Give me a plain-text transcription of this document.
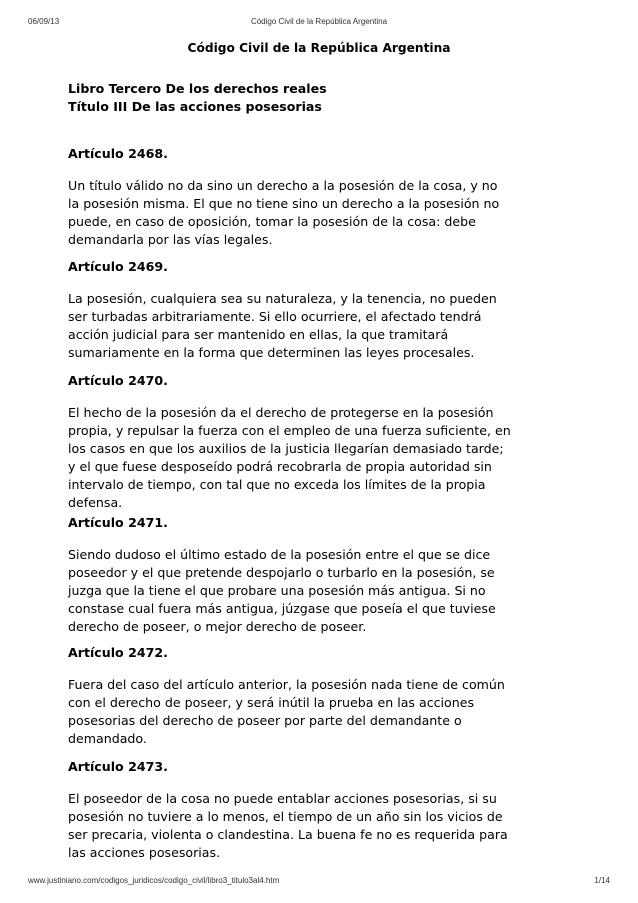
06/09/13	Código Civil de la República Argentina
Código Civil de la República Argentina
Libro Tercero De los derechos reales
Título III De las acciones posesorias
Artículo 2468.
Un título válido no da sino un derecho a la posesión de la cosa, y no
la posesión misma. El que no tiene sino un derecho a la posesión no
puede, en caso de oposición, tomar la posesión de la cosa: debe
demandarla por las vías legales.
Artículo 2469.
La posesión, cualquiera sea su naturaleza, y la tenencia, no pueden
ser turbadas arbitrariamente. Si ello ocurriere, el afectado tendrá
acción judicial para ser mantenido en ellas, la que tramitará
sumariamente en la forma que determinen las leyes procesales.
Artículo 2470.
El hecho de la posesión da el derecho de protegerse en la posesión
propia, y repulsar la fuerza con el empleo de una fuerza suficiente, en
los casos en que los auxilios de la justicia llegarían demasiado tarde;
y el que fuese desposeído podrá recobrarla de propia autoridad sin
intervalo de tiempo, con tal que no exceda los límites de la propia
defensa.
Artículo 2471.
Siendo dudoso el último estado de la posesión entre el que se dice
poseedor y el que pretende despojarlo o turbarlo en la posesión, se
juzga que la tiene el que probare una posesión más antigua. Si no
constase cual fuera más antigua, júzgase que poseía el que tuviese
derecho de poseer, o mejor derecho de poseer.
Artículo 2472.
Fuera del caso del artículo anterior, la posesión nada tiene de común
con el derecho de poseer, y será inútil la prueba en las acciones
posesorias del derecho de poseer por parte del demandante o
demandado.
Artículo 2473.
El poseedor de la cosa no puede entablar acciones posesorias, si su
posesión no tuviere a lo menos, el tiempo de un año sin los vicios de
ser precaria, violenta o clandestina. La buena fe no es requerida para
las acciones posesorias.
www.justiniano.com/codigos_juridicos/codigo_civil/libro3_titulo3al4.htm	1/14
